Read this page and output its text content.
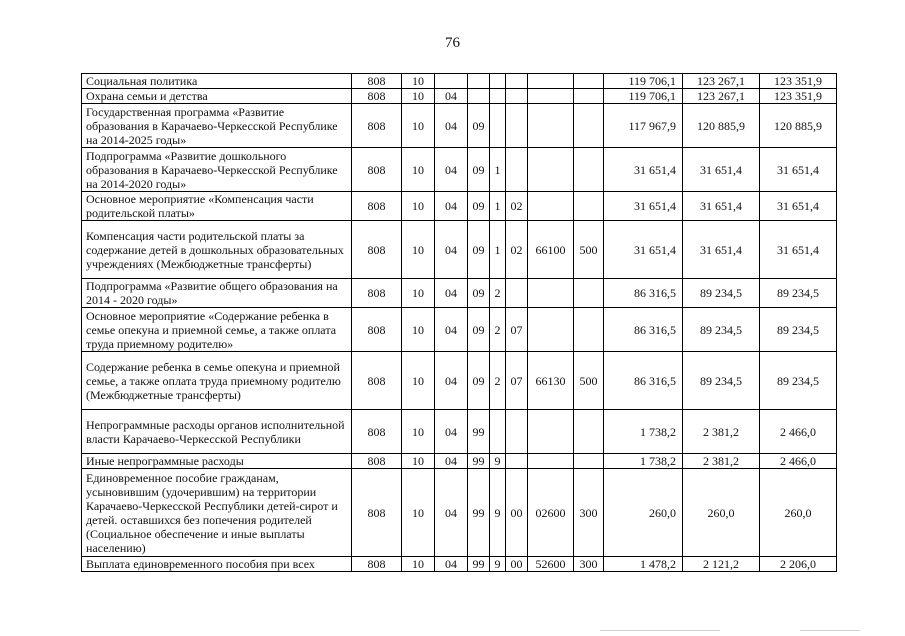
76
Социальная политика	808	10							119 706,1	123 267,1	123 351,9
Охрана семьи и детства	808	10	04						119 706,1	123 267,1	123 351,9
Государственная программа «Развитие образования в Карачаево-Черкесской Республике на 2014-2025 годы»	808	10	04	09					117 967,9	120 885,9	120 885,9
Подпрограмма «Развитие дошкольного образования в Карачаево-Черкесской Республике на 2014-2020 годы»	808	10	04	09	1				31 651,4	31 651,4	31 651,4
Основное мероприятие «Компенсация части родительской платы»	808	10	04	09	1	02			31 651,4	31 651,4	31 651,4
Компенсация части родительской платы за содержание детей в дошкольных образовательных учреждениях (Межбюджетные трансферты)	808	10	04	09	1	02	66100	500	31 651,4	31 651,4	31 651,4
Подпрограмма «Развитие общего образования на 2014 - 2020 годы»	808	10	04	09	2				86 316,5	89 234,5	89 234,5
Основное мероприятие «Содержание ребенка в семье опекуна и приемной семье, а также оплата труда приемному родителю»	808	10	04	09	2	07			86 316,5	89 234,5	89 234,5
Содержание ребенка в семье опекуна и приемной семье, а также оплата труда приемному родителю (Межбюджетные трансферты)	808	10	04	09	2	07	66130	500	86 316,5	89 234,5	89 234,5
Непрограммные расходы органов исполнительной власти Карачаево-Черкесской Республики	808	10	04	99					1 738,2	2 381,2	2 466,0
Иные непрограммные расходы	808	10	04	99	9				1 738,2	2 381,2	2 466,0
Единовременное пособие гражданам, усыновившим (удочерившим) на территории Карачаево-Черкесской Республики детей-сирот и детей. оставшихся без попечения родителей (Социальное обеспечение и иные выплаты населению)	808	10	04	99	9	00	02600	300	260,0	260,0	260,0
Выплата единовременного пособия при всех	808	10	04	99	9	00	52600	300	1 478,2	2 121,2	2 206,0
